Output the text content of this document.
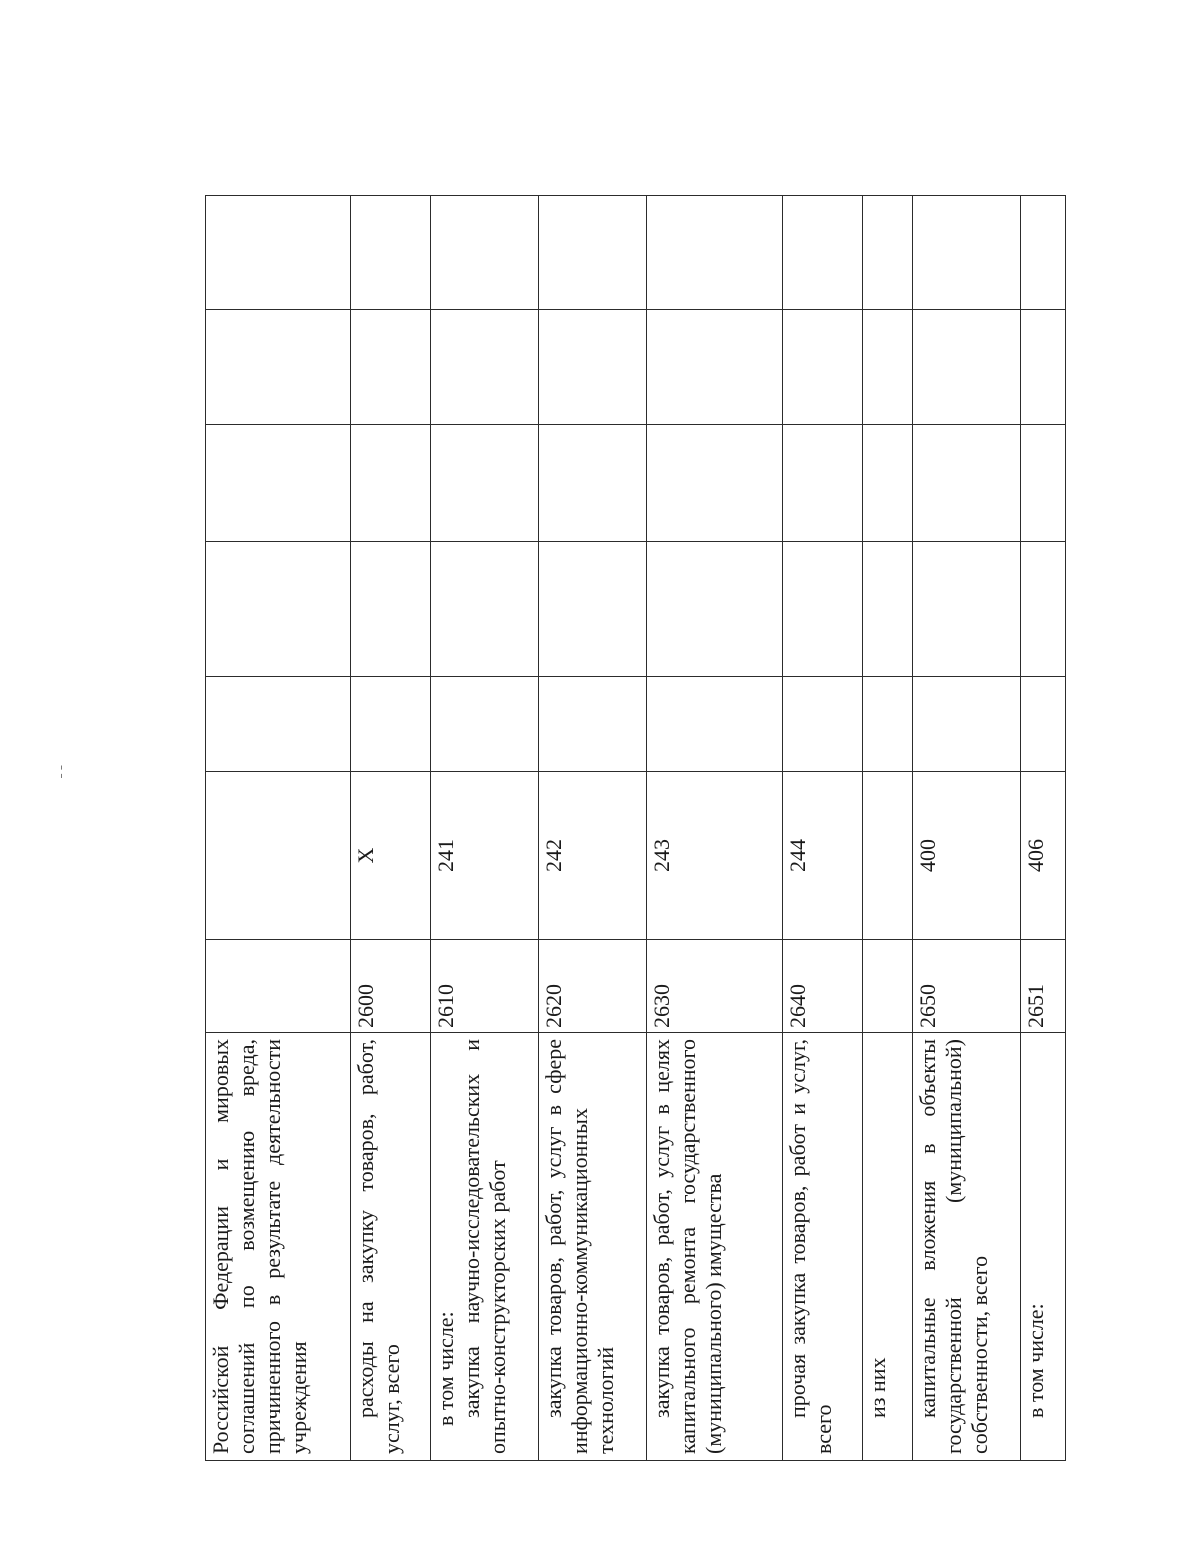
¦
Российской Федерации и мировых соглашений по возмещению вреда, причиненного в результате деятельности учреждения							

расходы на закупку товаров, работ, услуг, всего	2600	X					

в том числе: закупка научно-исследовательских и опытно-конструкторских работ	2610	241					

закупка товаров, работ, услуг в сфере информационно-коммуникационных технологий	2620	242					

закупка товаров, работ, услуг в целях капитального ремонта государственного (муниципального) имущества	2630	243					

прочая закупка товаров, работ и услуг, всего	2640	244					

из них							

капитальные вложения в объекты государственной (муниципальной) собственности, всего	2650	400					

в том числе:	2651	406					
